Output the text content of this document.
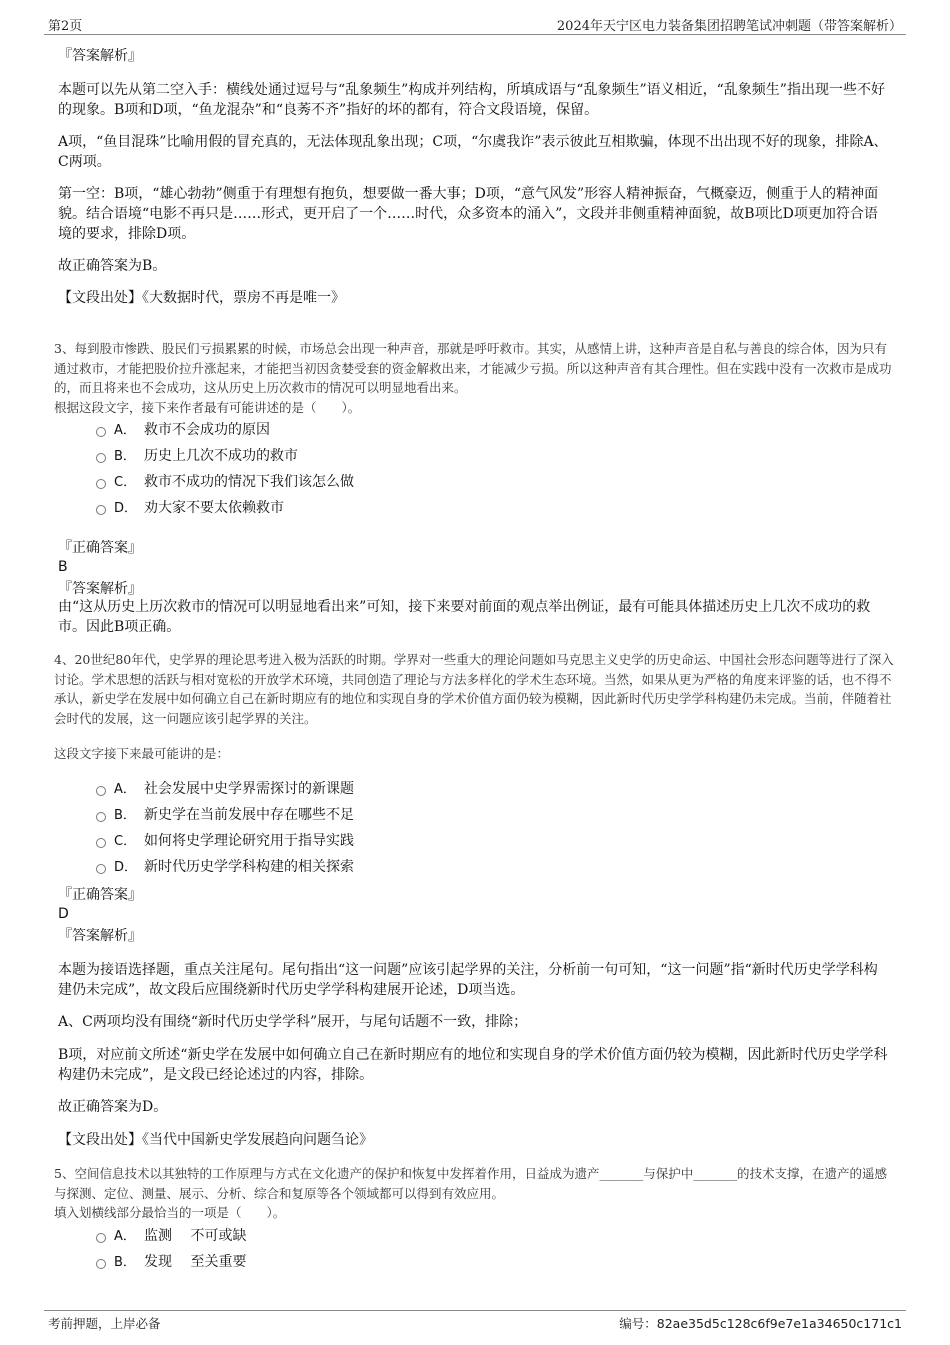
第2页	2024年天宁区电力装备集团招聘笔试冲刺题（带答案解析）
『答案解析』
本题可以先从第二空入手：横线处通过逗号与“乱象频生”构成并列结构，所填成语与“乱象频生”语义相近，“乱象频生”指出现一些不好的现象。B项和D项，“鱼龙混杂”和“良莠不齐”指好的坏的都有，符合文段语境，保留。
A项，“鱼目混珠”比喻用假的冒充真的，无法体现乱象出现；C项，“尔虞我诈”表示彼此互相欺骗，体现不出出现不好的现象，排除A、C两项。
第一空：B项，“雄心勃勃”侧重于有理想有抱负，想要做一番大事；D项，“意气风发”形容人精神振奋，气概豪迈，侧重于人的精神面貌。结合语境“电影不再只是……形式，更开启了一个……时代，众多资本的涌入”，文段并非侧重精神面貌，故B项比D项更加符合语境的要求，排除D项。
故正确答案为B。
【文段出处】《大数据时代，票房不再是唯一》
3、每到股市惨跌、股民们亏损累累的时候，市场总会出现一种声音，那就是呼吁救市。其实，从感情上讲，这种声音是自私与善良的综合体，因为只有通过救市，才能把股价拉升涨起来，才能把当初因贪婪受套的资金解救出来，才能减少亏损。所以这种声音有其合理性。但在实践中没有一次救市是成功的，而且将来也不会成功，这从历史上历次救市的情况可以明显地看出来。
根据这段文字，接下来作者最有可能讲述的是（　　）。
A． 救市不会成功的原因
B． 历史上几次不成功的救市
C． 救市不成功的情况下我们该怎么做
D． 劝大家不要太依赖救市
『正确答案』
B
『答案解析』
由“这从历史上历次救市的情况可以明显地看出来”可知，接下来要对前面的观点举出例证，最有可能具体描述历史上几次不成功的救市。因此B项正确。
4、20世纪80年代，史学界的理论思考进入极为活跃的时期。学界对一些重大的理论问题如马克思主义史学的历史命运、中国社会形态问题等进行了深入讨论。学术思想的活跃与相对宽松的开放学术环境，共同创造了理论与方法多样化的学术生态环境。当然，如果从更为严格的角度来评鉴的话，也不得不承认，新史学在发展中如何确立自己在新时期应有的地位和实现自身的学术价值方面仍较为模糊，因此新时代历史学学科构建仍未完成。当前，伴随着社会时代的发展，这一问题应该引起学界的关注。
这段文字接下来最可能讲的是：
A． 社会发展中史学界需探讨的新课题
B． 新史学在当前发展中存在哪些不足
C． 如何将史学理论研究用于指导实践
D． 新时代历史学学科构建的相关探索
『正确答案』
D
『答案解析』
本题为接语选择题，重点关注尾句。尾句指出“这一问题”应该引起学界的关注，分析前一句可知，“这一问题”指“新时代历史学学科构建仍未完成”，故文段后应围绕新时代历史学学科构建展开论述，D项当选。
A、C两项均没有围绕“新时代历史学学科”展开，与尾句话题不一致，排除；
B项，对应前文所述“新史学在发展中如何确立自己在新时期应有的地位和实现自身的学术价值方面仍较为模糊，因此新时代历史学学科构建仍未完成”，是文段已经论述过的内容，排除。
故正确答案为D。
【文段出处】《当代中国新史学发展趋向问题刍论》
5、空间信息技术以其独特的工作原理与方式在文化遗产的保护和恢复中发挥着作用，日益成为遗产_______与保护中_______的技术支撑，在遗产的遥感与探测、定位、测量、展示、分析、综合和复原等各个领域都可以得到有效应用。
填入划横线部分最恰当的一项是（　　）。
A． 监测　 不可或缺
B． 发现　 至关重要
考前押题，上岸必备	编号：82ae35d5c128c6f9e7e1a34650c171c1
